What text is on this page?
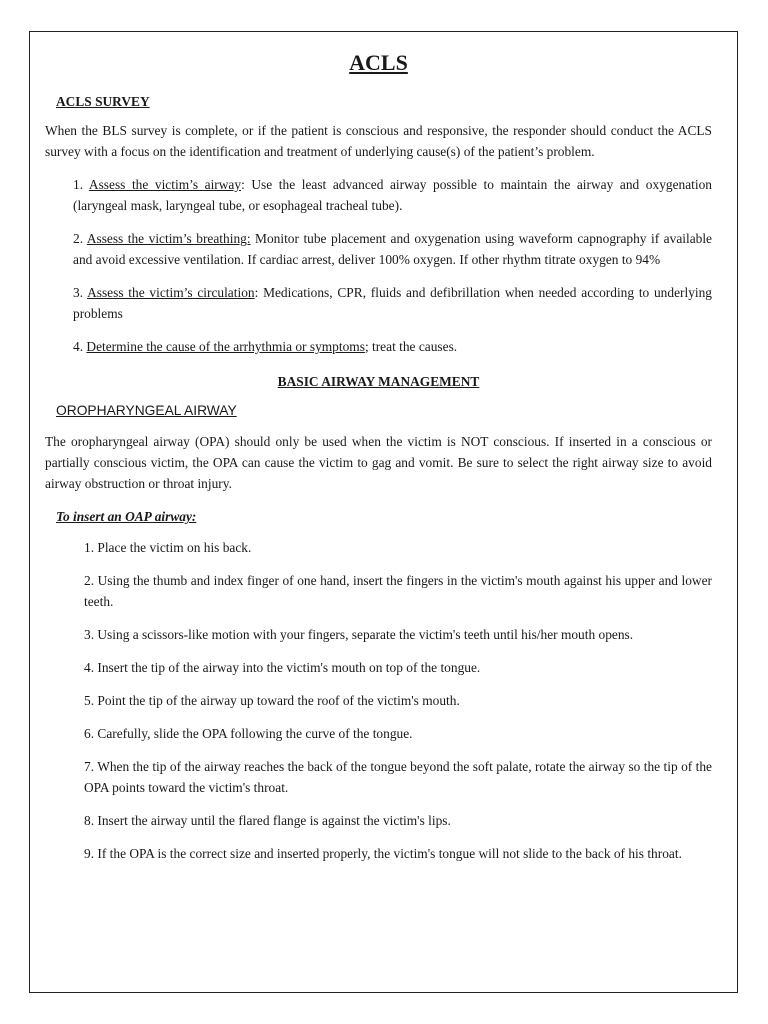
ACLS
ACLS SURVEY

When the BLS survey is complete, or if the patient is conscious and responsive, the responder should conduct the ACLS survey with a focus on the identification and treatment of underlying cause(s) of the patient’s problem.

1. Assess the victim’s airway: Use the least advanced airway possible to maintain the airway and oxygenation (laryngeal mask, laryngeal tube, or esophageal tracheal tube).
2. Assess the victim’s breathing: Monitor tube placement and oxygenation using waveform capnography if available and avoid excessive ventilation. If cardiac arrest, deliver 100% oxygen. If other rhythm titrate oxygen to 94%
3. Assess the victim’s circulation: Medications, CPR, fluids and defibrillation when needed according to underlying problems
4. Determine the cause of the arrhythmia or symptoms; treat the causes.
BASIC AIRWAY MANAGEMENT
OROPHARYNGEAL AIRWAY

The oropharyngeal airway (OPA) should only be used when the victim is NOT conscious. If inserted in a conscious or partially conscious victim, the OPA can cause the victim to gag and vomit. Be sure to select the right airway size to avoid airway obstruction or throat injury.

To insert an OAP airway:
1. Place the victim on his back.
2. Using the thumb and index finger of one hand, insert the fingers in the victim's mouth against his upper and lower teeth.
3. Using a scissors-like motion with your fingers, separate the victim's teeth until his/her mouth opens.
4. Insert the tip of the airway into the victim's mouth on top of the tongue.
5. Point the tip of the airway up toward the roof of the victim's mouth.
6. Carefully, slide the OPA following the curve of the tongue.
7. When the tip of the airway reaches the back of the tongue beyond the soft palate, rotate the airway so the tip of the OPA points toward the victim's throat.
8. Insert the airway until the flared flange is against the victim's lips.
9. If the OPA is the correct size and inserted properly, the victim's tongue will not slide to the back of his throat.
